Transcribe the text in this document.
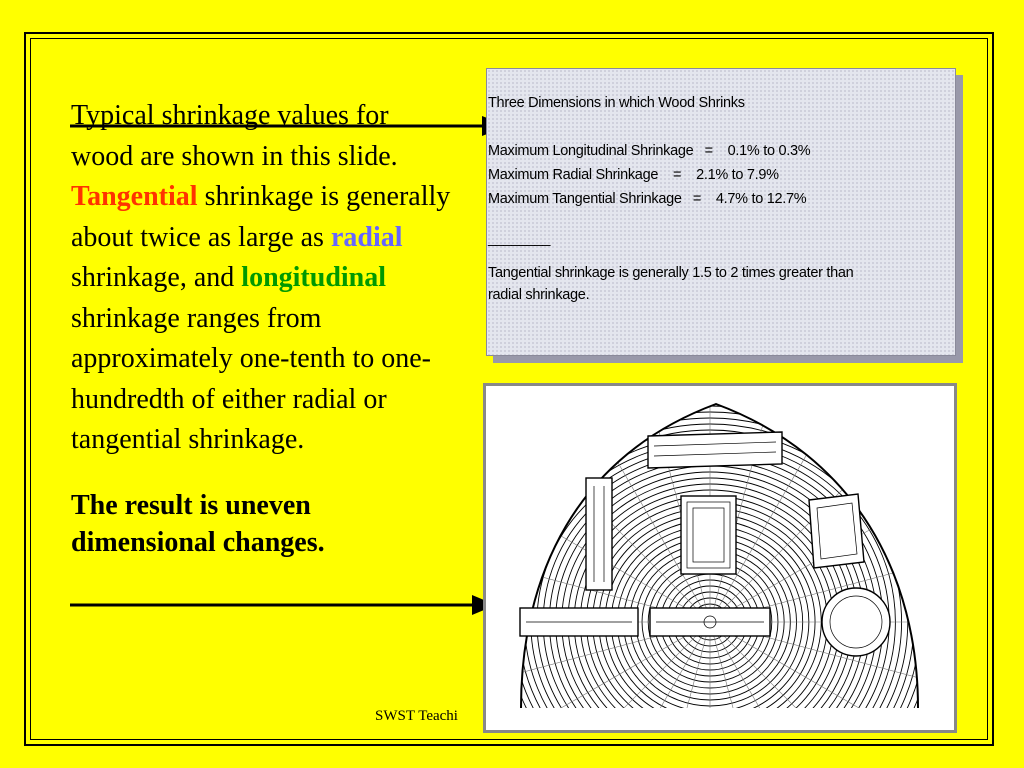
Typical shrinkage values for wood are shown in this slide. Tangential shrinkage is generally about twice as large as radial shrinkage, and longitudinal shrinkage ranges from approximately one-tenth to one-hundredth of either radial or tangential shrinkage.

The result is uneven dimensional changes.

Three Dimensions in which Wood Shrinks
Maximum Longitudinal Shrinkage   =    0.1% to 0.3%
Maximum Radial Shrinkage    =    2.1% to 7.9%
Maximum Tangential Shrinkage   =    4.7% to 12.7%
________
Tangential shrinkage is generally 1.5 to 2 times greater than
radial shrinkage.
SWST Teachi
